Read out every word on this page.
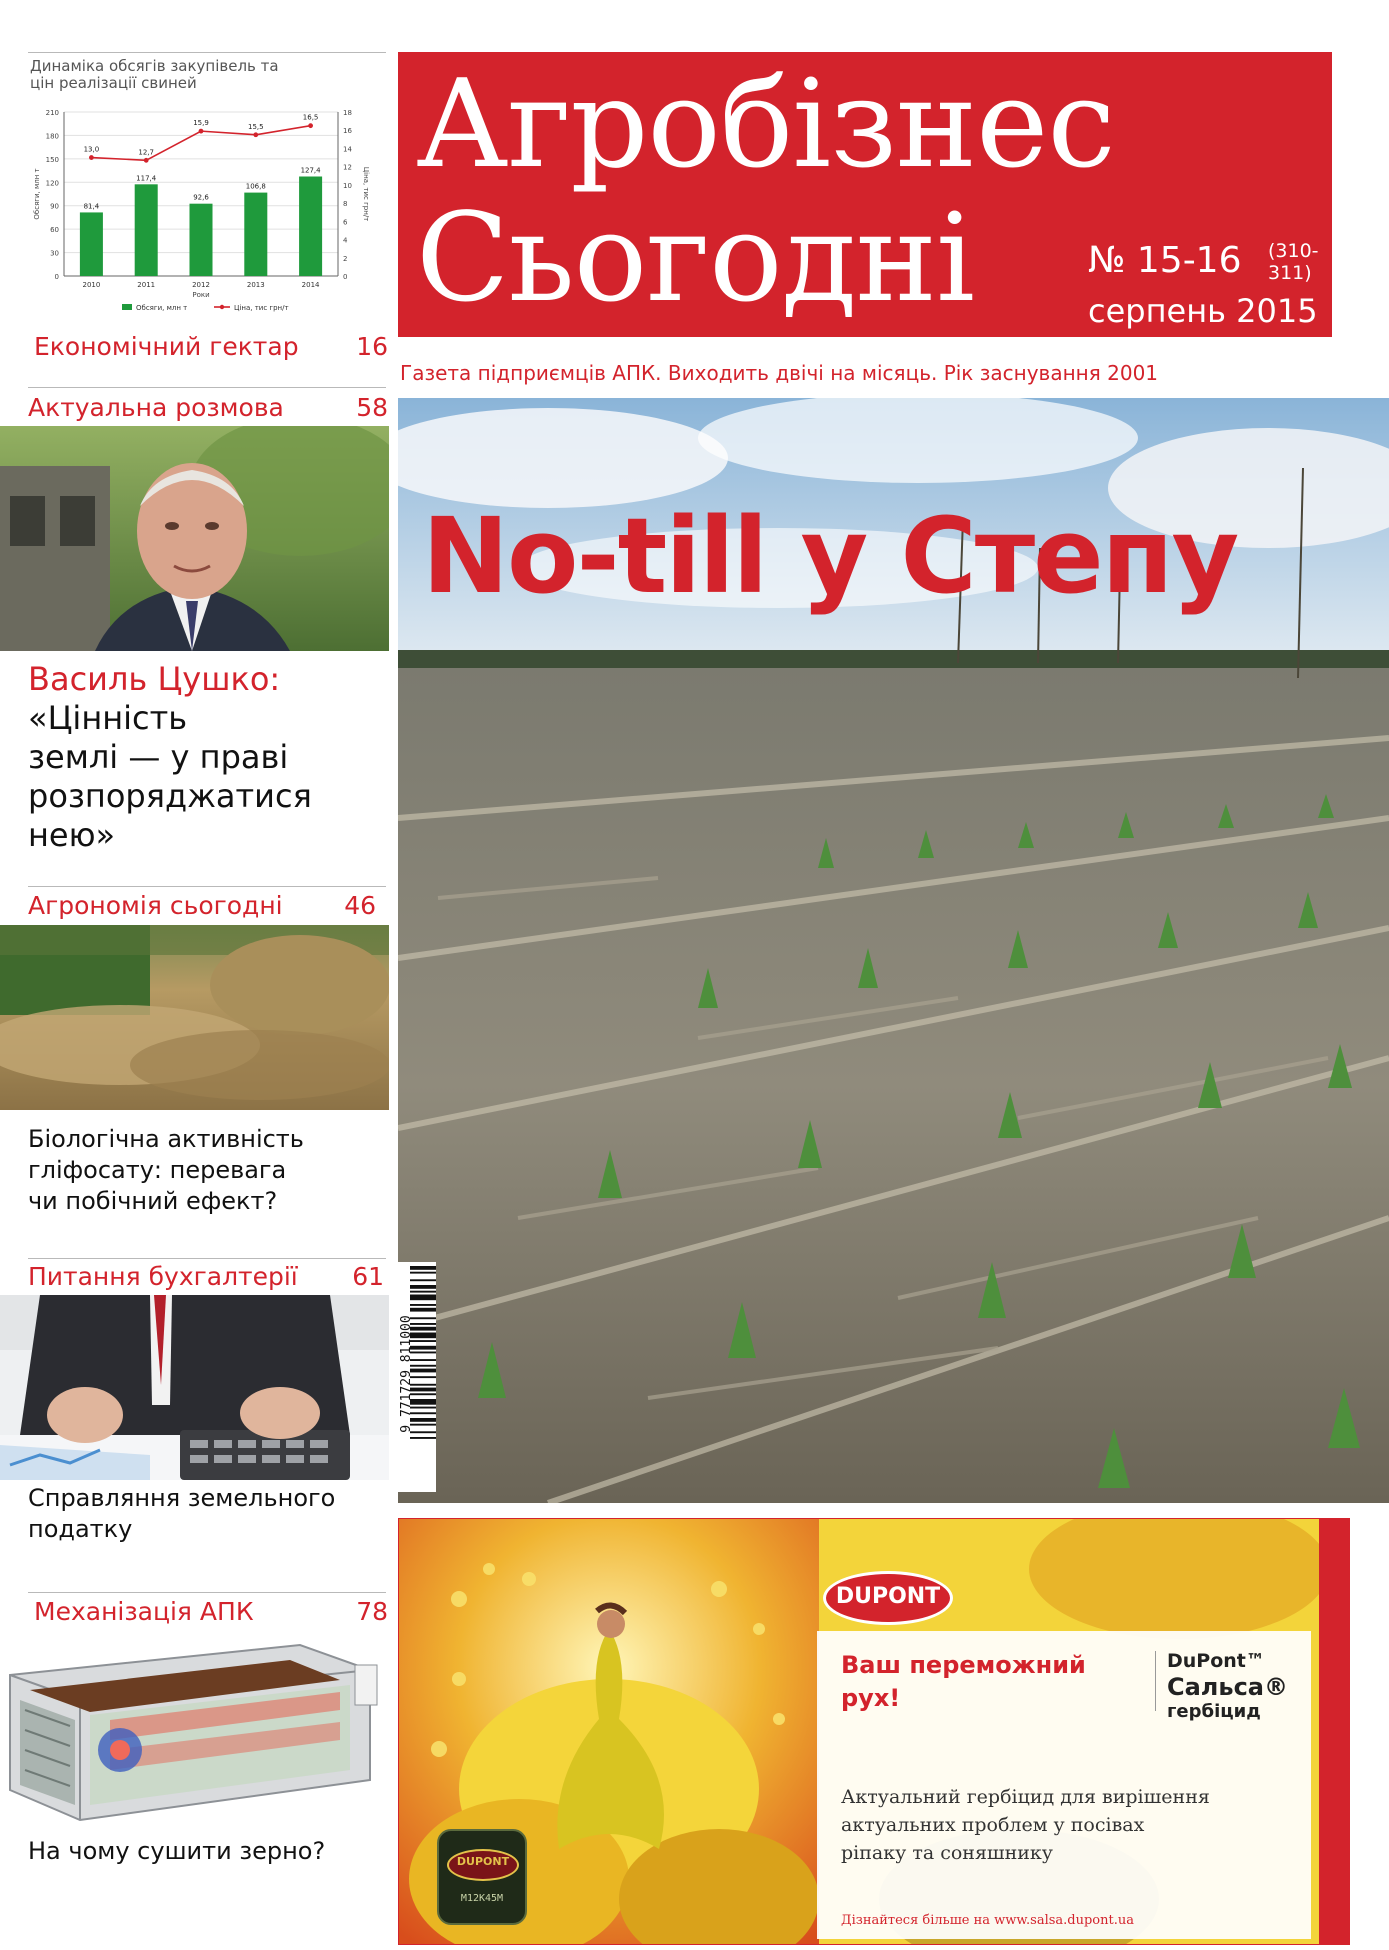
Агробізнес
Сьогодні	№ 15-16 (310-311)
серпень 2015
Газета підприємців АПК. Виходить двічі на місяць. Рік заснування 2001
Динаміка обсягів закупівель та цін реалізації свиней
0
30
60
90
120
150
180
210
0
2
4
6
8
10
12
14
16
18
Обсяги, млн т	Ціна, тис грн/т
81,4
2010
117,4
2011
92,6
2012
106,8
2013
127,4
2014
13,0	12,7
15,9	15,5
16,5
Роки
Обсяги, млн т	Ціна, тис грн/т
Економічний гектар 16
Актуальна розмова	58
Василь Цушко:
«Цінність
землі — у праві
розпоряджатися
нею»
Агрономія сьогодні 46
Біологічна активність
гліфосату: перевага
чи побічний ефект?
Питання бухгалтерії 61
Справляння земельного
податку
Механізація АПК	78
На чому сушити зерно?
No-till у Степу
9 771729 811000
DUPONT
Ваш переможний
рух!
DuPont™
Сальса®
гербіцид
Актуальний гербіцид для вирішення
актуальних проблем у посівах
ріпаку та соняшнику
Дізнайтеся більше на www.salsa.dupont.ua
DUPONT
M12K45M
